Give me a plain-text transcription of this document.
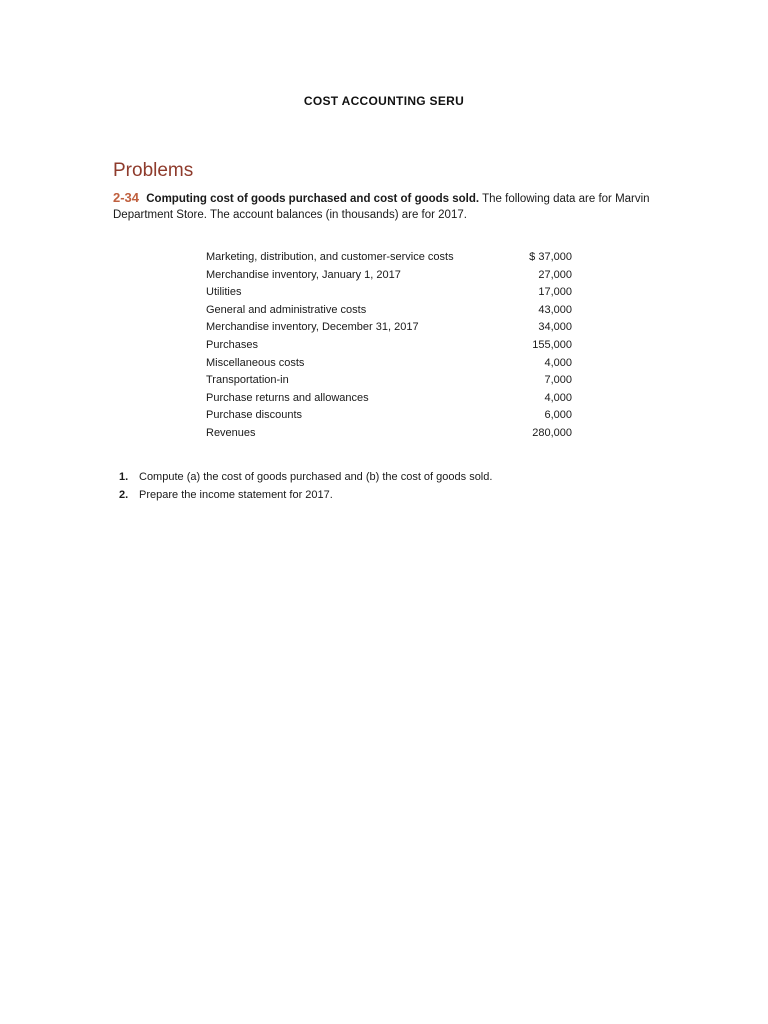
COST ACCOUNTING SERU
Problems
2-34 Computing cost of goods purchased and cost of goods sold. The following data are for Marvin Department Store. The account balances (in thousands) are for 2017.
Marketing, distribution, and customer-service costs	$ 37,000
Merchandise inventory, January 1, 2017	27,000
Utilities	17,000
General and administrative costs	43,000
Merchandise inventory, December 31, 2017	34,000
Purchases	155,000
Miscellaneous costs	4,000
Transportation-in	7,000
Purchase returns and allowances	4,000
Purchase discounts	6,000
Revenues	280,000
1. Compute (a) the cost of goods purchased and (b) the cost of goods sold.
2. Prepare the income statement for 2017.
